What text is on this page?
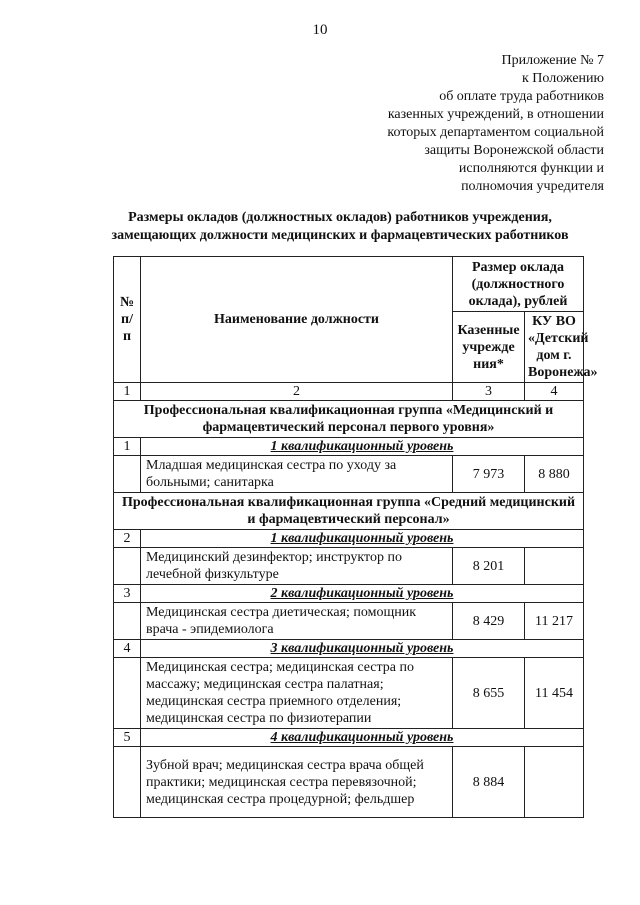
10
Приложение № 7
к Положению
об оплате труда работников
казенных учреждений, в отношении
которых департаментом социальной
защиты Воронежской области
исполняются функции и
полномочия учредителя
Размеры окладов (должностных окладов) работников учреждения,
замещающих должности медицинских и фармацевтических работников
№ п/п	Наименование должности	Размер оклада (должностного оклада), рублей	
		Казенные учрежде ния*	КУ ВО «Детский дом г. Воронежа»
1	2	3	4
Профессиональная квалификационная группа «Медицинский и фармацевтический персонал первого уровня»			
1	1 квалификационный уровень		
	Младшая медицинская сестра по уходу за больными; санитарка	7 973	8 880
Профессиональная квалификационная группа «Средний медицинский и фармацевтический персонал»			
2	1 квалификационный уровень		
	Медицинский дезинфектор; инструктор по лечебной физкультуре	8 201	
3	2 квалификационный уровень		
	Медицинская сестра диетическая; помощник врача - эпидемиолога	8 429	11 217
4	3 квалификационный уровень		
	Медицинская сестра; медицинская сестра по массажу; медицинская сестра палатная; медицинская сестра приемного отделения; медицинская сестра по физиотерапии	8 655	11 454
5	4 квалификационный уровень		
	Зубной врач; медицинская сестра врача общей практики; медицинская сестра перевязочной; медицинская сестра процедурной; фельдшер	8 884	
